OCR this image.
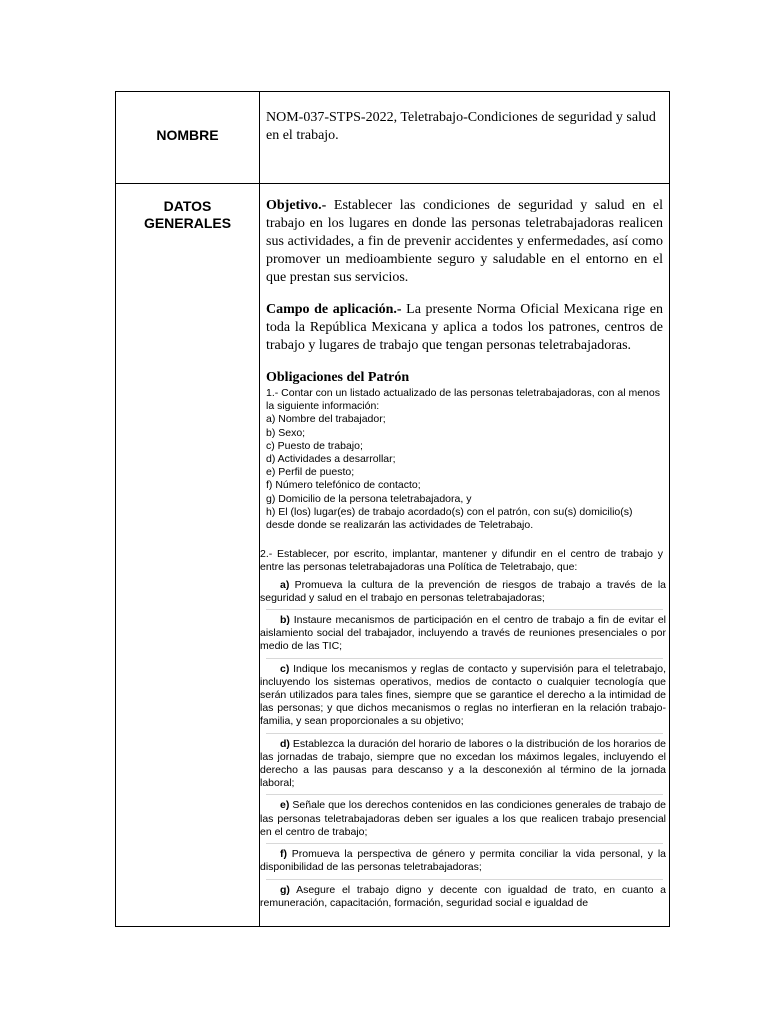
NOMBRE
NOM-037-STPS-2022, Teletrabajo-Condiciones de seguridad y salud en el trabajo.
DATOS
GENERALES

Objetivo.- Establecer las condiciones de seguridad y salud en el trabajo en los lugares en donde las personas teletrabajadoras realicen sus actividades, a fin de prevenir accidentes y enfermedades, así como promover un medioambiente seguro y saludable en el entorno en el que prestan sus servicios.

Campo de aplicación.- La presente Norma Oficial Mexicana rige en toda la República Mexicana y aplica a todos los patrones, centros de trabajo y lugares de trabajo que tengan personas teletrabajadoras.

Obligaciones del Patrón

1.- Contar con un listado actualizado de las personas teletrabajadoras, con al menos la siguiente información:
a) Nombre del trabajador;
b) Sexo;
c) Puesto de trabajo;
d) Actividades a desarrollar;
e) Perfil de puesto;
f) Número telefónico de contacto;
g) Domicilio de la persona teletrabajadora, y
h) El (los) lugar(es) de trabajo acordado(s) con el patrón, con su(s) domicilio(s) desde donde se realizarán las actividades de Teletrabajo.
2.- Establecer, por escrito, implantar, mantener y difundir en el centro de trabajo y entre las personas teletrabajadoras una Política de Teletrabajo, que:
a) Promueva la cultura de la prevención de riesgos de trabajo a través de la seguridad y salud en el trabajo en personas teletrabajadoras;
b) Instaure mecanismos de participación en el centro de trabajo a fin de evitar el aislamiento social del trabajador, incluyendo a través de reuniones presenciales o por medio de las TIC;
c) Indique los mecanismos y reglas de contacto y supervisión para el teletrabajo, incluyendo los sistemas operativos, medios de contacto o cualquier tecnología que serán utilizados para tales fines, siempre que se garantice el derecho a la intimidad de las personas; y que dichos mecanismos o reglas no interfieran en la relación trabajo-familia, y sean proporcionales a su objetivo;
d) Establezca la duración del horario de labores o la distribución de los horarios de las jornadas de trabajo, siempre que no excedan los máximos legales, incluyendo el derecho a las pausas para descanso y a la desconexión al término de la jornada laboral;
e) Señale que los derechos contenidos en las condiciones generales de trabajo de las personas teletrabajadoras deben ser iguales a los que realicen trabajo presencial en el centro de trabajo;
f) Promueva la perspectiva de género y permita conciliar la vida personal, y la disponibilidad de las personas teletrabajadoras;
g) Asegure el trabajo digno y decente con igualdad de trato, en cuanto a remuneración, capacitación, formación, seguridad social e igualdad de
